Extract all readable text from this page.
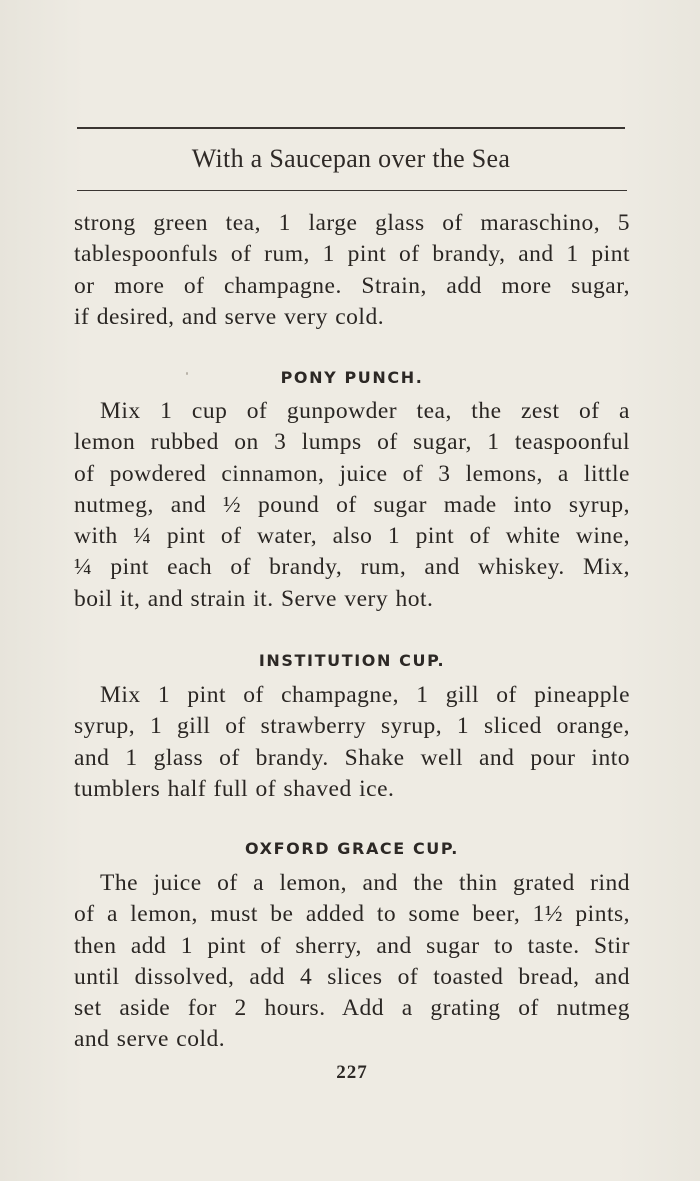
With a Saucepan over the Sea
strong green tea, 1 large glass of maraschino, 5
tablespoonfuls of rum, 1 pint of brandy, and 1 pint
or more of champagne. Strain, add more sugar,
if desired, and serve very cold.
PONY PUNCH.
Mix 1 cup of gunpowder tea, the zest of a
lemon rubbed on 3 lumps of sugar, 1 teaspoonful
of powdered cinnamon, juice of 3 lemons, a little
nutmeg, and ½ pound of sugar made into syrup,
with ¼ pint of water, also 1 pint of white wine,
¼ pint each of brandy, rum, and whiskey. Mix,
boil it, and strain it. Serve very hot.
INSTITUTION CUP.
Mix 1 pint of champagne, 1 gill of pineapple
syrup, 1 gill of strawberry syrup, 1 sliced orange,
and 1 glass of brandy. Shake well and pour into
tumblers half full of shaved ice.
OXFORD GRACE CUP.
The juice of a lemon, and the thin grated rind
of a lemon, must be added to some beer, 1½ pints,
then add 1 pint of sherry, and sugar to taste. Stir
until dissolved, add 4 slices of toasted bread, and
set aside for 2 hours. Add a grating of nutmeg
and serve cold.
227
